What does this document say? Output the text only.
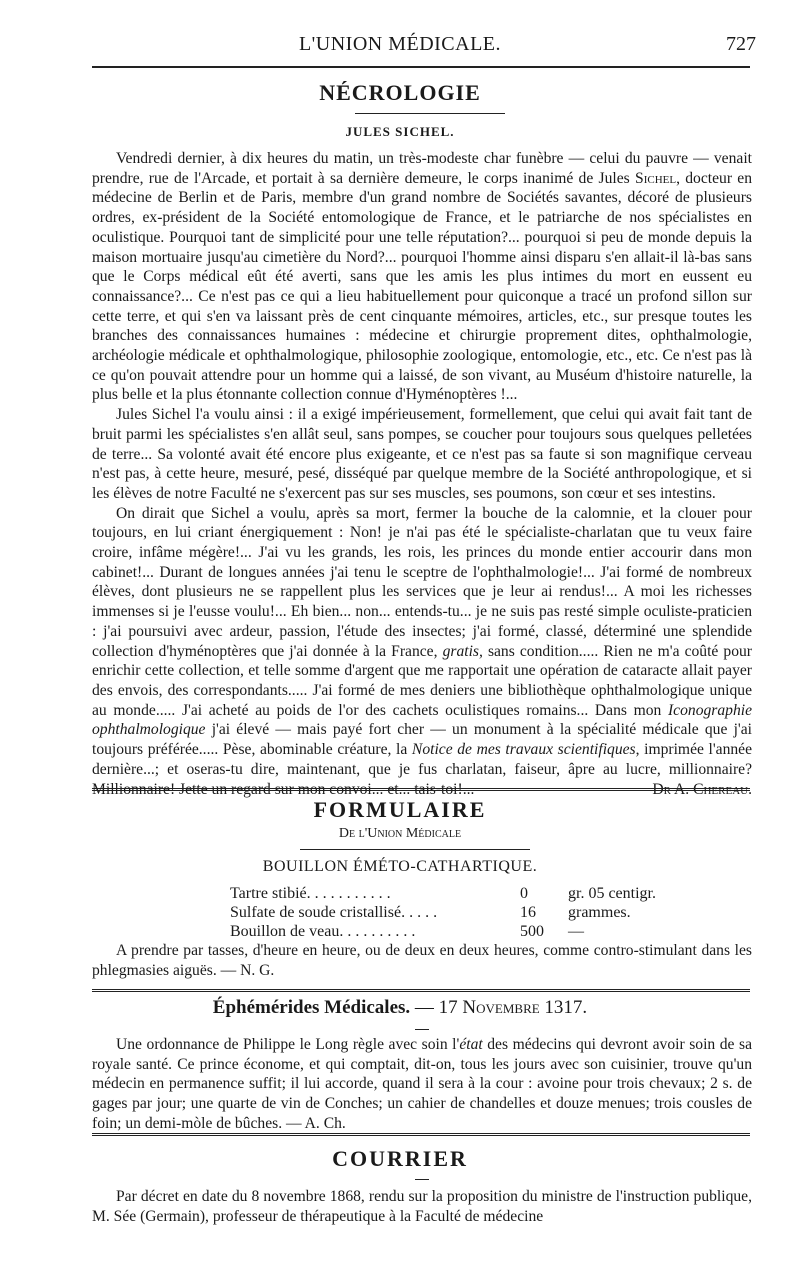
L'UNION MÉDICALE.	727
NÉCROLOGIE
JULES SICHEL.

Vendredi dernier, à dix heures du matin, un très-modeste char funèbre — celui du pauvre — venait prendre, rue de l'Arcade, et portait à sa dernière demeure, le corps inanimé de Jules Sichel, docteur en médecine de Berlin et de Paris, membre d'un grand nombre de Sociétés savantes, décoré de plusieurs ordres, ex-président de la Société entomologique de France, et le patriarche de nos spécialistes en oculistique. Pourquoi tant de simplicité pour une telle réputation?... pourquoi si peu de monde depuis la maison mortuaire jusqu'au cimetière du Nord?... pourquoi l'homme ainsi disparu s'en allait-il là-bas sans que le Corps médical eût été averti, sans que les amis les plus intimes du mort en eussent eu connaissance?... Ce n'est pas ce qui a lieu habituellement pour quiconque a tracé un profond sillon sur cette terre, et qui s'en va laissant près de cent cinquante mémoires, articles, etc., sur presque toutes les branches des connaissances humaines : médecine et chirurgie proprement dites, ophthalmologie, archéologie médicale et ophthalmologique, philosophie zoologique, entomologie, etc., etc. Ce n'est pas là ce qu'on pouvait attendre pour un homme qui a laissé, de son vivant, au Muséum d'histoire naturelle, la plus belle et la plus étonnante collection connue d'Hyménoptères !...

Jules Sichel l'a voulu ainsi : il a exigé impérieusement, formellement, que celui qui avait fait tant de bruit parmi les spécialistes s'en allât seul, sans pompes, se coucher pour toujours sous quelques pelletées de terre... Sa volonté avait été encore plus exigeante, et ce n'est pas sa faute si son magnifique cerveau n'est pas, à cette heure, mesuré, pesé, disséqué par quelque membre de la Société anthropologique, et si les élèves de notre Faculté ne s'exercent pas sur ses muscles, ses poumons, son cœur et ses intestins.

On dirait que Sichel a voulu, après sa mort, fermer la bouche de la calomnie, et la clouer pour toujours, en lui criant énergiquement : Non! je n'ai pas été le spécialiste-charlatan que tu veux faire croire, infâme mégère!... J'ai vu les grands, les rois, les princes du monde entier accourir dans mon cabinet!... Durant de longues années j'ai tenu le sceptre de l'ophthalmologie!... J'ai formé de nombreux élèves, dont plusieurs ne se rappellent plus les services que je leur ai rendus!... A moi les richesses immenses si je l'eusse voulu!... Eh bien... non... entends-tu... je ne suis pas resté simple oculiste-praticien : j'ai poursuivi avec ardeur, passion, l'étude des insectes; j'ai formé, classé, déterminé une splendide collection d'hyménoptères que j'ai donnée à la France, gratis, sans condition..... Rien ne m'a coûté pour enrichir cette collection, et telle somme d'argent que me rapportait une opération de cataracte allait payer des envois, des correspondants..... J'ai formé de mes deniers une bibliothèque ophthalmologique unique au monde..... J'ai acheté au poids de l'or des cachets oculistiques romains... Dans mon Iconographie ophthalmologique j'ai élevé — mais payé fort cher — un monument à la spécialité médicale que j'ai toujours préférée..... Pèse, abominable créature, la Notice de mes travaux scientifiques, imprimée l'année dernière...; et oseras-tu dire, maintenant, que je fus charlatan, faiseur, âpre au lucre, millionnaire? Millionnaire! Jette un regard sur mon convoi... et... tais-toi!...	Dr A. Chereau.

FORMULAIRE
De l'Union Médicale
BOUILLON ÉMÉTO-CATHARTIQUE.
Tartre stibié. . . . . . . . . . .	0	gr. 05 centigr.
Sulfate de soude cristallisé. . . . .	16	grammes.
Bouillon de veau. . . . . . . . . .	500	—

A prendre par tasses, d'heure en heure, ou de deux en deux heures, comme contro-stimulant dans les phlegmasies aiguës. — N. G.

Éphémérides Médicales. — 17 Novembre 1317.

Une ordonnance de Philippe le Long règle avec soin l'état des médecins qui devront avoir soin de sa royale santé. Ce prince économe, et qui comptait, dit-on, tous les jours avec son cuisinier, trouve qu'un médecin en permanence suffit; il lui accorde, quand il sera à la cour : avoine pour trois chevaux; 2 s. de gages par jour; une quarte de vin de Conches; un cahier de chandelles et douze menues; trois cousles de foin; un demi-mòle de bûches. — A. Ch.

COURRIER

Par décret en date du 8 novembre 1868, rendu sur la proposition du ministre de l'instruction publique, M. Sée (Germain), professeur de thérapeutique à la Faculté de médecine
